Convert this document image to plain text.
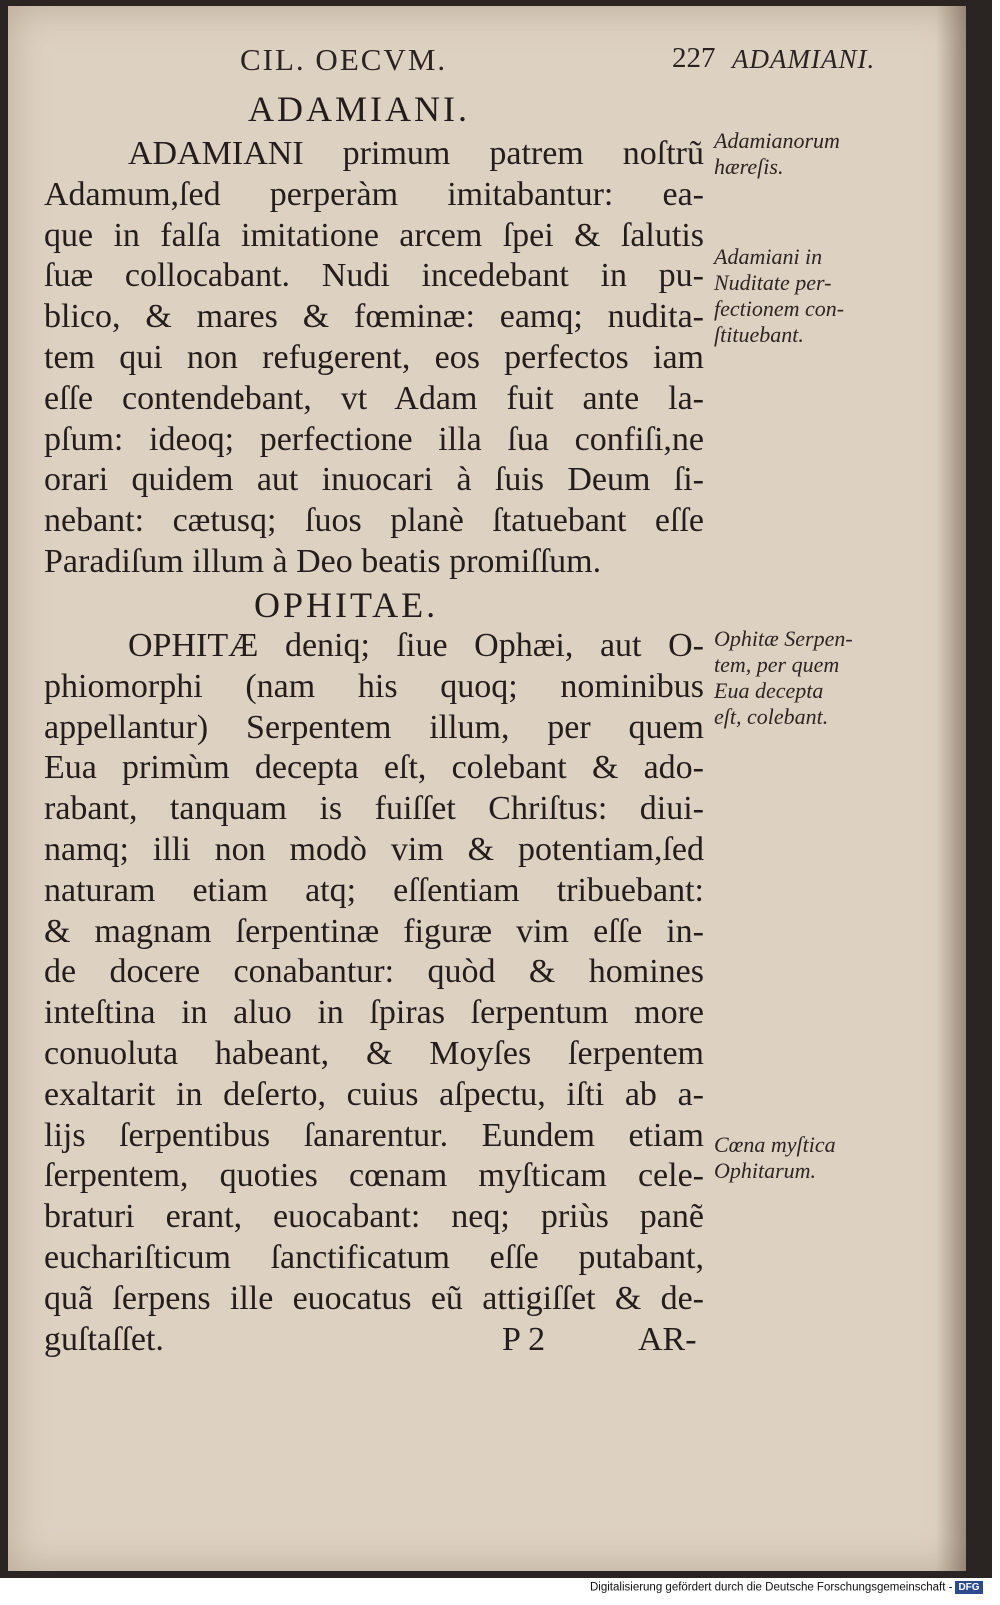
CIL. OECVM.	227 ADAMIANI.
ADAMIANI.
ADAMIANI primum patrem noſtrũ
Adamum,ſed perperàm imitabantur: ea-
que in falſa imitatione arcem ſpei & ſalutis
ſuæ collocabant. Nudi incedebant in pu-
blico, & mares & fœminæ: eamq; nudita-
tem qui non refugerent, eos perfectos iam
eſſe contendebant, vt Adam fuit ante la-
pſum: ideoq; perfectione illa ſua confiſi,ne
orari quidem aut inuocari à ſuis Deum ſi-
nebant: cætusq; ſuos planè ſtatuebant eſſe
Paradiſum illum à Deo beatis promiſſum.
OPHITAE.
OPHITÆ deniq; ſiue Ophæi, aut O-
phiomorphi (nam his quoq; nominibus
appellantur) Serpentem illum, per quem
Eua primùm decepta eſt, colebant & ado-
rabant, tanquam is fuiſſet Chriſtus: diui-
namq; illi non modò vim & potentiam,ſed
naturam etiam atq; eſſentiam tribuebant:
& magnam ſerpentinæ figuræ vim eſſe in-
de docere conabantur: quòd & homines
inteſtina in aluo in ſpiras ſerpentum more
conuoluta habeant, & Moyſes ſerpentem
exaltarit in deſerto, cuius aſpectu, iſti ab a-
lijs ſerpentibus ſanarentur. Eundem etiam
ſerpentem, quoties cœnam myſticam cele-
braturi erant, euocabant: neq; priùs panẽ
euchariſticum ſanctificatum eſſe putabant,
quã ſerpens ille euocatus eũ attigiſſet & de-
guſtaſſet.	P 2	AR-
Adamianorum
hæreſis.
Adamiani in
Nuditate per-
fectionem con-
ſtituebant.
Ophitæ Serpen-
tem, per quem
Eua decepta
eſt, colebant.
Cœna myſtica
Ophitarum.
Digitalisierung gefördert durch die Deutsche Forschungsgemeinschaft - DFG
